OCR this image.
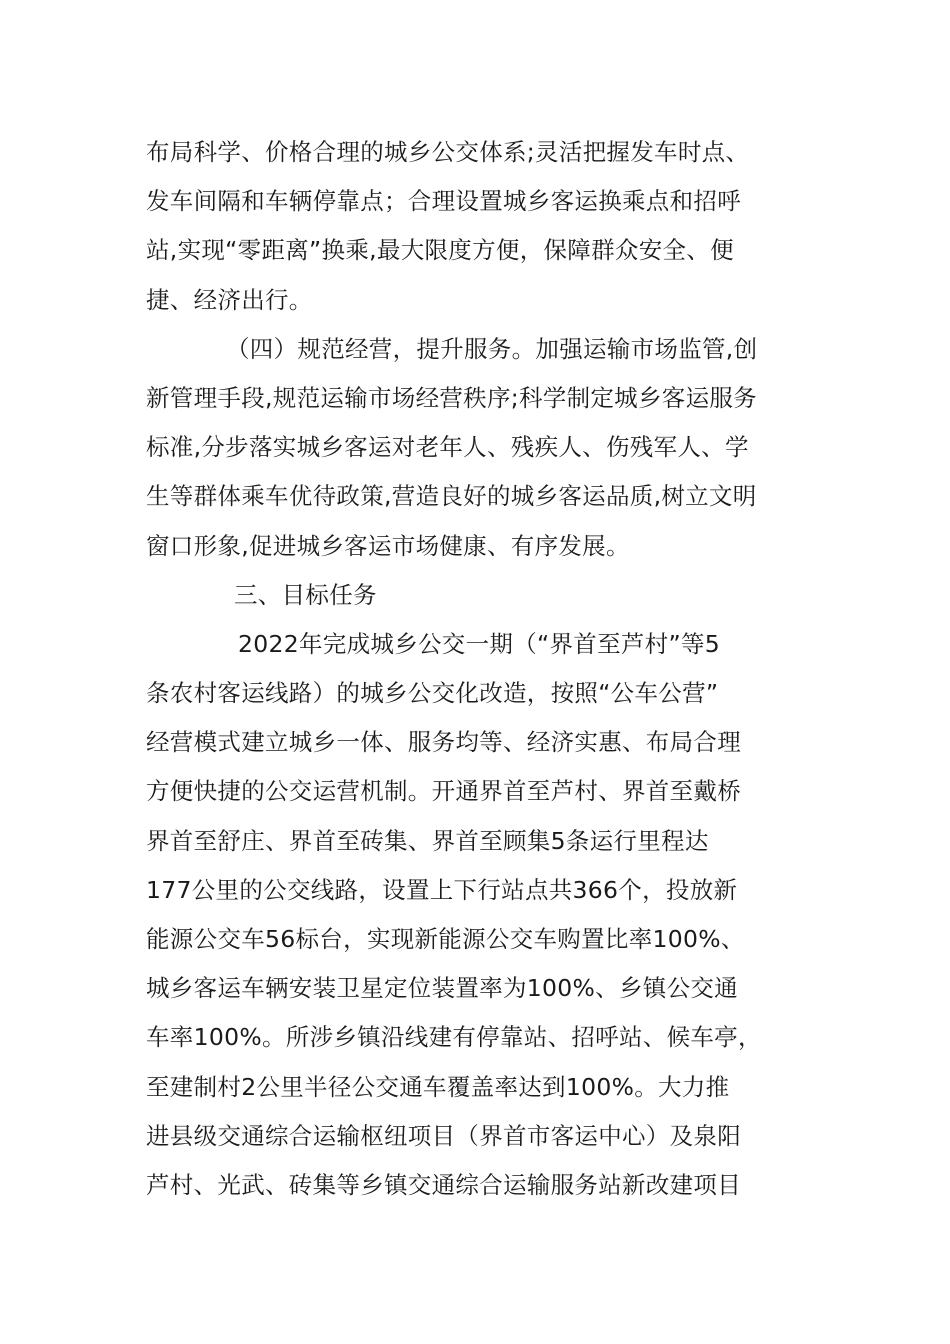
布局科学、价格合理的城乡公交体系;灵活把握发车时点、
发车间隔和车辆停靠点；合理设置城乡客运换乘点和招呼
站,实现“零距离”换乘,最大限度方便，保障群众安全、便
捷、经济出行。
（四）规范经营，提升服务。加强运输市场监管,创
新管理手段,规范运输市场经营秩序;科学制定城乡客运服务
标准,分步落实城乡客运对老年人、残疾人、伤残军人、学
生等群体乘车优待政策,营造良好的城乡客运品质,树立文明
窗口形象,促进城乡客运市场健康、有序发展。
三、目标任务
2022年完成城乡公交一期（“界首至芦村”等5
条农村客运线路）的城乡公交化改造，按照“公车公营”
经营模式建立城乡一体、服务均等、经济实惠、布局合理
方便快捷的公交运营机制。开通界首至芦村、界首至戴桥
界首至舒庄、界首至砖集、界首至顾集5条运行里程达
177公里的公交线路，设置上下行站点共366个，投放新
能源公交车56标台，实现新能源公交车购置比率100%、
城乡客运车辆安装卫星定位装置率为100%、乡镇公交通
车率100%。所涉乡镇沿线建有停靠站、招呼站、候车亭，
至建制村2公里半径公交通车覆盖率达到100%。大力推
进县级交通综合运输枢纽项目（界首市客运中心）及泉阳
芦村、光武、砖集等乡镇交通综合运输服务站新改建项目
